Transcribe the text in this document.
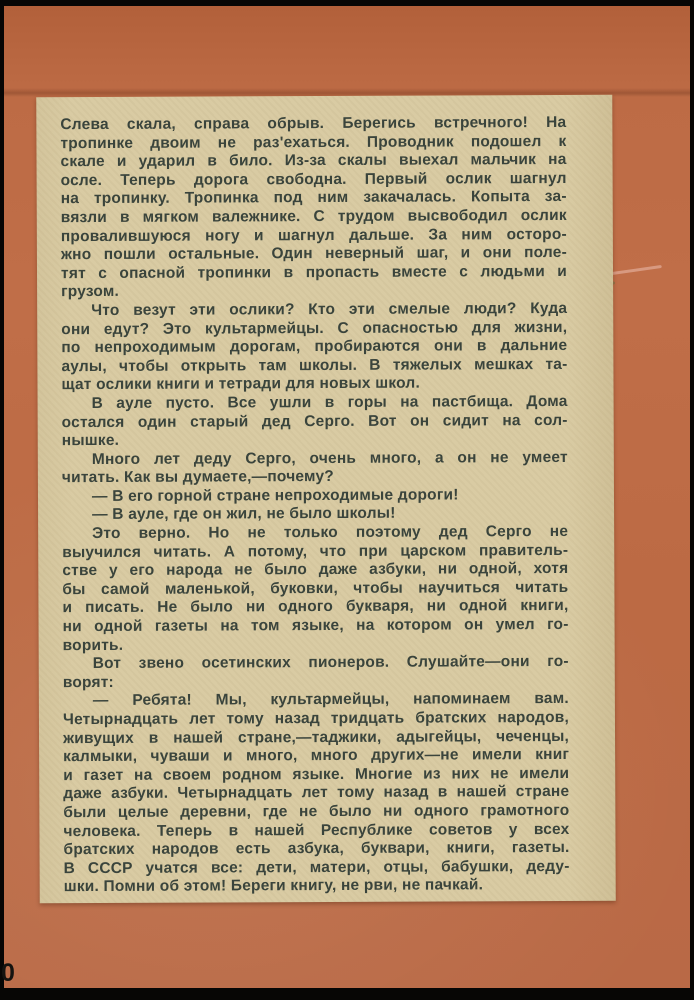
Слева скала, справа обрыв. Берегись встречного! На
тропинке двоим не раз'ехаться. Проводник подошел к
скале и ударил в било. Из-за скалы выехал мальчик на
осле. Теперь дорога свободна. Первый ослик шагнул
на тропинку. Тропинка под ним закачалась. Копыта за-
вязли в мягком валежнике. С трудом высвободил ослик
провалившуюся ногу и шагнул дальше. За ним осторо-
жно пошли остальные. Один неверный шаг, и они поле-
тят с опасной тропинки в пропасть вместе с людьми и
грузом.
Что везут эти ослики? Кто эти смелые люди? Куда
они едут? Это культармейцы. С опасностью для жизни,
по непроходимым дорогам, пробираются они в дальние
аулы, чтобы открыть там школы. В тяжелых мешках та-
щат ослики книги и тетради для новых школ.
В ауле пусто. Все ушли в горы на пастбища. Дома
остался один старый дед Серго. Вот он сидит на сол-
нышке.
Много лет деду Серго, очень много, а он не умеет
читать. Как вы думаете,—почему?
— В его горной стране непроходимые дороги!
— В ауле, где он жил, не было школы!
Это верно. Но не только поэтому дед Серго не
выучился читать. А потому, что при царском правитель-
стве у его народа не было даже азбуки, ни одной, хотя
бы самой маленькой, буковки, чтобы научиться читать
и писать. Не было ни одного букваря, ни одной книги,
ни одной газеты на том языке, на котором он умел го-
ворить.
Вот звено осетинских пионеров. Слушайте—они го-
ворят:
— Ребята! Мы, культармейцы, напоминаем вам.
Четырнадцать лет тому назад тридцать братских народов,
живущих в нашей стране,—таджики, адыгейцы, чеченцы,
калмыки, чуваши и много, много других—не имели книг
и газет на своем родном языке. Многие из них не имели
даже азбуки. Четырнадцать лет тому назад в нашей стране
были целые деревни, где не было ни одного грамотного
человека. Теперь в нашей Республике советов у всех
братских народов есть азбука, буквари, книги, газеты.
В СССР учатся все: дети, матери, отцы, бабушки, деду-
шки. Помни об этом! Береги книгу, не рви, не пачкай.
0
